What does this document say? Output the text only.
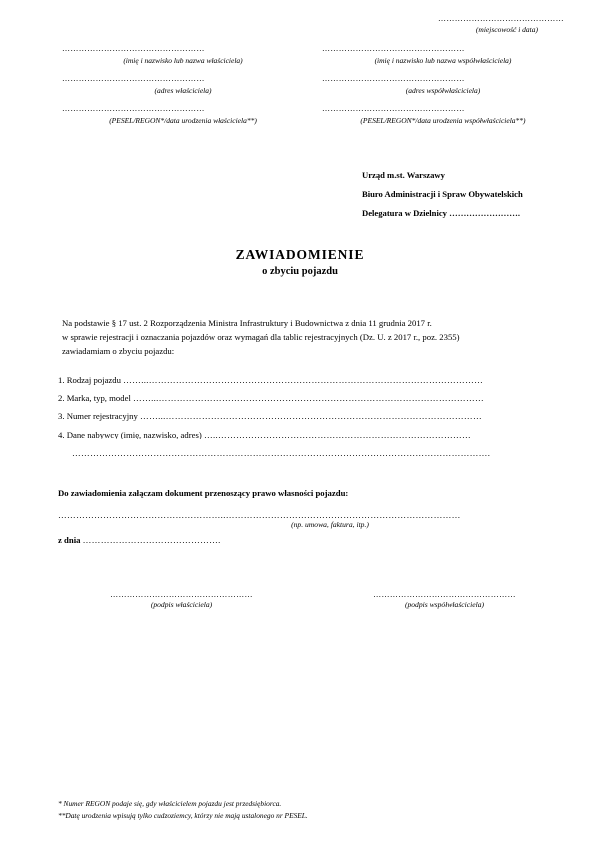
………………………………………
(miejscowość i data)
……………………………………………
(imię i nazwisko lub nazwa właściciela)
……………………………………………
(adres właściciela)
……………………………………………
(PESEL/REGON*/data urodzenia właściciela**)
……………………………………………
(imię i nazwisko lub nazwa współwłaściciela)
……………………………………………
(adres współwłaściciela)
……………………………………………
(PESEL/REGON*/data urodzenia współwłaściciela**)
Urząd m.st. Warszawy
Biuro Administracji i Spraw Obywatelskich
Delegatura w Dzielnicy …………………….
ZAWIADOMIENIE
o zbyciu pojazdu
Na podstawie § 17 ust. 2 Rozporządzenia Ministra Infrastruktury i Budownictwa z dnia 11 grudnia 2017 r.
w sprawie rejestracji i oznaczania pojazdów oraz wymagań dla tablic rejestracyjnych (Dz. U. z 2017 r., poz. 2355)
zawiadamiam o zbyciu pojazdu:
1. Rodzaj pojazdu ……...…………………………………………………………………………………………………
2. Marka, typ, model ……...………………………………………………………………………………………………
3. Numer rejestracyjny ……...……………………………………………………………………………………………
4. Dane nabywcy (imię, nazwisko, adres) …..…………………………………………………………………………
………………………………………………………………………………………………………………………….
Do zawiadomienia załączam dokument przenoszący prawo własności pojazdu:
………………………………………………..……………………………………………………………………
(np. umowa, faktura, itp.)
z dnia ……………………………………….
……………………………………………
(podpis właściciela)
……………………………………………
(podpis współwłaściciela)
* Numer REGON podaje się, gdy właścicielem pojazdu jest przedsiębiorca.
**Datę urodzenia wpisują tylko cudzoziemcy, którzy nie mają ustalonego nr PESEL.
